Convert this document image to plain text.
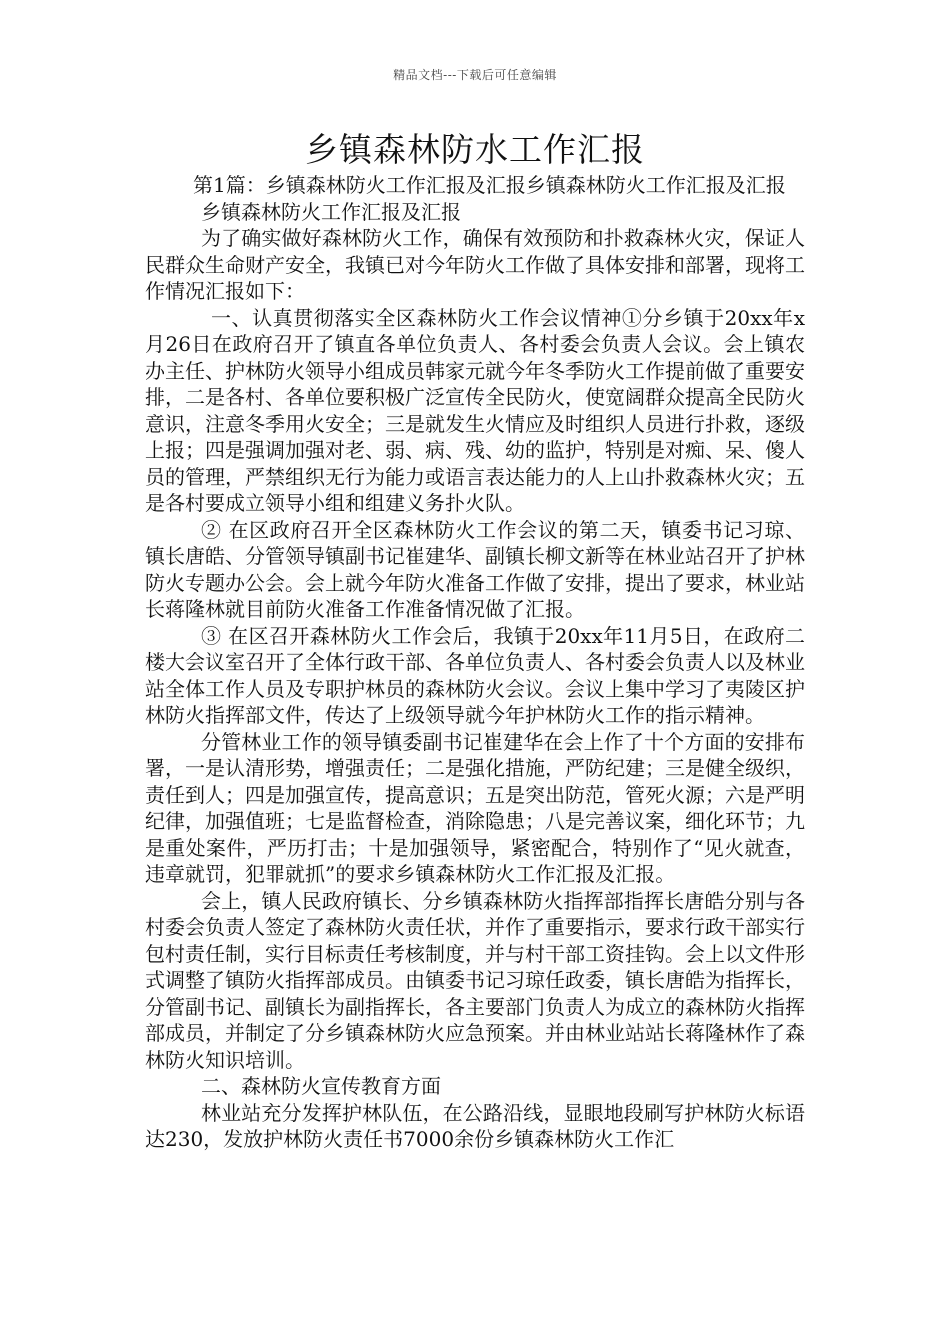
精品文档---下载后可任意编辑
乡镇森林防水工作汇报

第1篇：乡镇森林防火工作汇报及汇报乡镇森林防火工作汇报及汇报

乡镇森林防火工作汇报及汇报

为了确实做好森林防火工作，确保有效预防和扑救森林火灾，保证人民群众生命财产安全，我镇已对今年防火工作做了具体安排和部署，现将工作情况汇报如下：

一、认真贯彻落实全区森林防火工作会议情神①分乡镇于20xx年x月26日在政府召开了镇直各单位负责人、各村委会负责人会议。会上镇农办主任、护林防火领导小组成员韩家元就今年冬季防火工作提前做了重要安排，二是各村、各单位要积极广泛宣传全民防火，使宽阔群众提高全民防火意识，注意冬季用火安全；三是就发生火情应及时组织人员进行扑救，逐级上报；四是强调加强对老、弱、病、残、幼的监护，特别是对痴、呆、傻人员的管理，严禁组织无行为能力或语言表达能力的人上山扑救森林火灾；五是各村要成立领导小组和组建义务扑火队。

② 在区政府召开全区森林防火工作会议的第二天，镇委书记习琼、镇长唐皓、分管领导镇副书记崔建华、副镇长柳文新等在林业站召开了护林防火专题办公会。会上就今年防火准备工作做了安排，提出了要求，林业站长蒋隆林就目前防火准备工作准备情况做了汇报。

③ 在区召开森林防火工作会后，我镇于20xx年11月5日，在政府二楼大会议室召开了全体行政干部、各单位负责人、各村委会负责人以及林业站全体工作人员及专职护林员的森林防火会议。会议上集中学习了夷陵区护林防火指挥部文件，传达了上级领导就今年护林防火工作的指示精神。

分管林业工作的领导镇委副书记崔建华在会上作了十个方面的安排布署，一是认清形势，增强责任；二是强化措施，严防纪建；三是健全级织，责任到人；四是加强宣传，提高意识；五是突出防范，管死火源；六是严明纪律，加强值班；七是监督检查，消除隐患；八是完善议案，细化环节；九是重处案件，严历打击；十是加强领导，紧密配合，特别作了“见火就查，违章就罚，犯罪就抓”的要求乡镇森林防火工作汇报及汇报。

会上，镇人民政府镇长、分乡镇森林防火指挥部指挥长唐皓分别与各村委会负责人签定了森林防火责任状，并作了重要指示，要求行政干部实行包村责任制，实行目标责任考核制度，并与村干部工资挂钩。会上以文件形式调整了镇防火指挥部成员。由镇委书记习琼任政委，镇长唐皓为指挥长，分管副书记、副镇长为副指挥长，各主要部门负责人为成立的森林防火指挥部成员，并制定了分乡镇森林防火应急预案。并由林业站站长蒋隆林作了森林防火知识培训。

二、森林防火宣传教育方面

林业站充分发挥护林队伍，在公路沿线，显眼地段刷写护林防火标语达230，发放护林防火责任书7000余份乡镇森林防火工作汇
